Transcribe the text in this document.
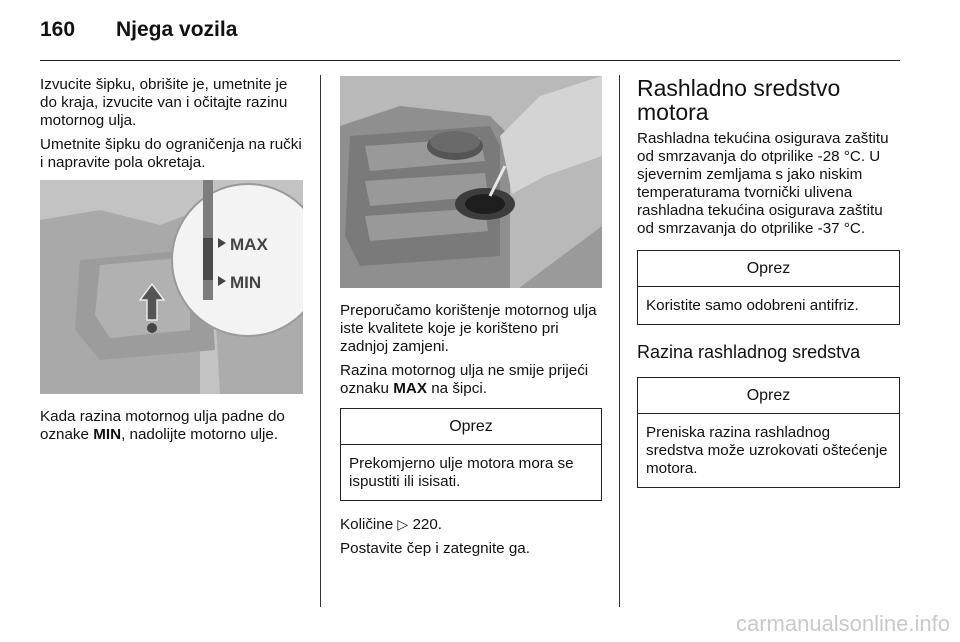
160 Njega vozila

Izvucite šipku, obrišite je, umetnite je do kraja, izvucite van i očitajte razinu motornog ulja.

Umetnite šipku do ograničenja na ručki i napravite pola okretaja.

MAX
MIN

Kada razina motornog ulja padne do oznake MIN, nadolijte motorno ulje.

Preporučamo korištenje motornog ulja iste kvalitete koje je korišteno pri zadnjoj zamjeni.

Razina motornog ulja ne smije prijeći oznaku MAX na šipci.

Oprez
Prekomjerno ulje motora mora se ispustiti ili isisati.

Količine ▷ 220.

Postavite čep i zategnite ga.

Rashladno sredstvo motora

Rashladna tekućina osigurava zaštitu od smrzavanja do otprilike -28 °C. U sjevernim zemljama s jako niskim temperaturama tvornički ulivena rashladna tekućina osigurava zaštitu od smrzavanja do otprilike -37 °C.

Oprez
Koristite samo odobreni antifriz.
Razina rashladnog sredstva
Oprez
Preniska razina rashladnog sredstva može uzrokovati oštećenje motora.
carmanualsonline.info
